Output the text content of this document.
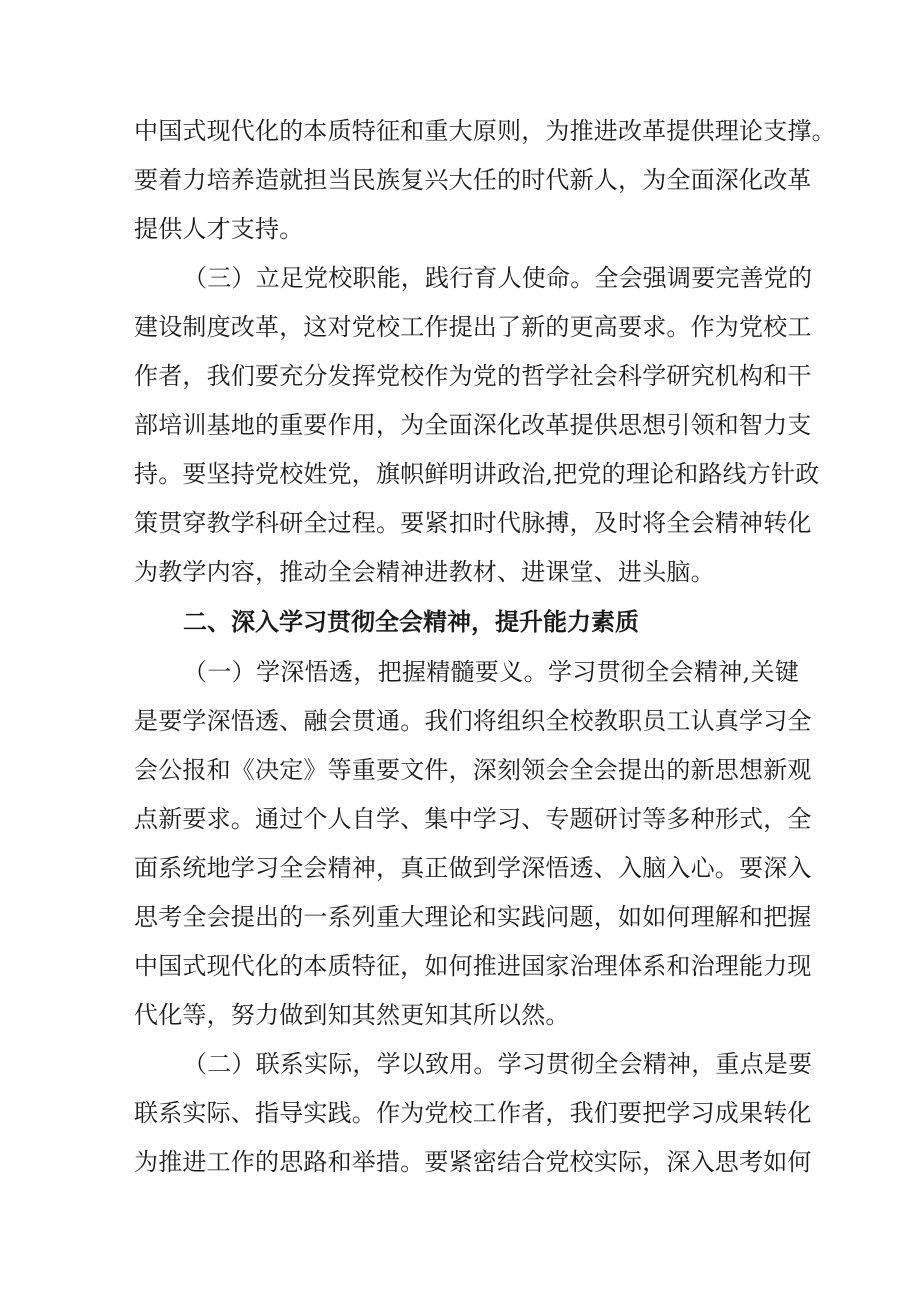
中国式现代化的本质特征和重大原则，为推进改革提供理论支撑。
要着力培养造就担当民族复兴大任的时代新人，为全面深化改革
提供人才支持。
（三）立足党校职能，践行育人使命。全会强调要完善党的
建设制度改革，这对党校工作提出了新的更高要求。作为党校工
作者，我们要充分发挥党校作为党的哲学社会科学研究机构和干
部培训基地的重要作用，为全面深化改革提供思想引领和智力支
持。要坚持党校姓党，旗帜鲜明讲政治,把党的理论和路线方针政
策贯穿教学科研全过程。要紧扣时代脉搏，及时将全会精神转化
为教学内容，推动全会精神进教材、进课堂、进头脑。
二、深入学习贯彻全会精神，提升能力素质
（一）学深悟透，把握精髓要义。学习贯彻全会精神,关键
是要学深悟透、融会贯通。我们将组织全校教职员工认真学习全
会公报和《决定》等重要文件，深刻领会全会提出的新思想新观
点新要求。通过个人自学、集中学习、专题研讨等多种形式，全
面系统地学习全会精神，真正做到学深悟透、入脑入心。要深入
思考全会提出的一系列重大理论和实践问题，如如何理解和把握
中国式现代化的本质特征，如何推进国家治理体系和治理能力现
代化等，努力做到知其然更知其所以然。
（二）联系实际，学以致用。学习贯彻全会精神，重点是要
联系实际、指导实践。作为党校工作者，我们要把学习成果转化
为推进工作的思路和举措。要紧密结合党校实际，深入思考如何
